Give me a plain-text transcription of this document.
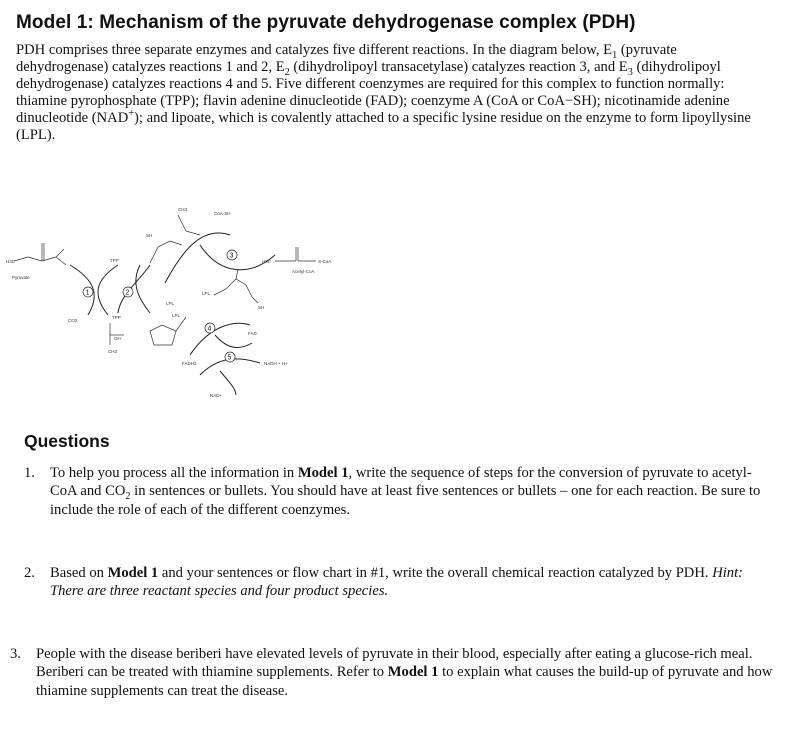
Model 1: Mechanism of the pyruvate dehydrogenase complex (PDH)
PDH comprises three separate enzymes and catalyzes five different reactions. In the diagram below, $E_1$ (pyruvate dehydrogenase) catalyzes reactions 1 and 2, $E_2$ (dihydrolipoyl transacetylase) catalyzes reaction 3, and $E_3$ (dihydrolipoyl dehydrogenase) catalyzes reactions 4 and 5. Five different coenzymes are required for this complex to function normally: thiamine pyrophosphate (TPP); flavin adenine dinucleotide (FAD); coenzyme A (CoA or CoA−SH); nicotinamide adenine dinucleotide (NAD+); and lipoate, which is covalently attached to a specific lysine residue on the enzyme to form lipoyllysine (LPL).
H3C
Pyruvate
1	2
TPP
CO2
TPP
OH
CH3
LPL
CH3
SH
CoA-SH
3
H3C	S-CoA
Acetyl-CoA
LPL
SH
LPL
4
5
FAD
FADH2	NADH + H+
NAD+
Questions
1. To help you process all the information in Model 1, write the sequence of steps for the conversion of pyruvate to acetyl-CoA and $CO_2$ in sentences or bullets. You should have at least five sentences or bullets – one for each reaction. Be sure to include the role of each of the different coenzymes.
2. Based on Model 1 and your sentences or flow chart in #1, write the overall chemical reaction catalyzed by PDH. Hint: There are three reactant species and four product species.
3. People with the disease beriberi have elevated levels of pyruvate in their blood, especially after eating a glucose-rich meal. Beriberi can be treated with thiamine supplements. Refer to Model 1 to explain what causes the build-up of pyruvate and how thiamine supplements can treat the disease.
